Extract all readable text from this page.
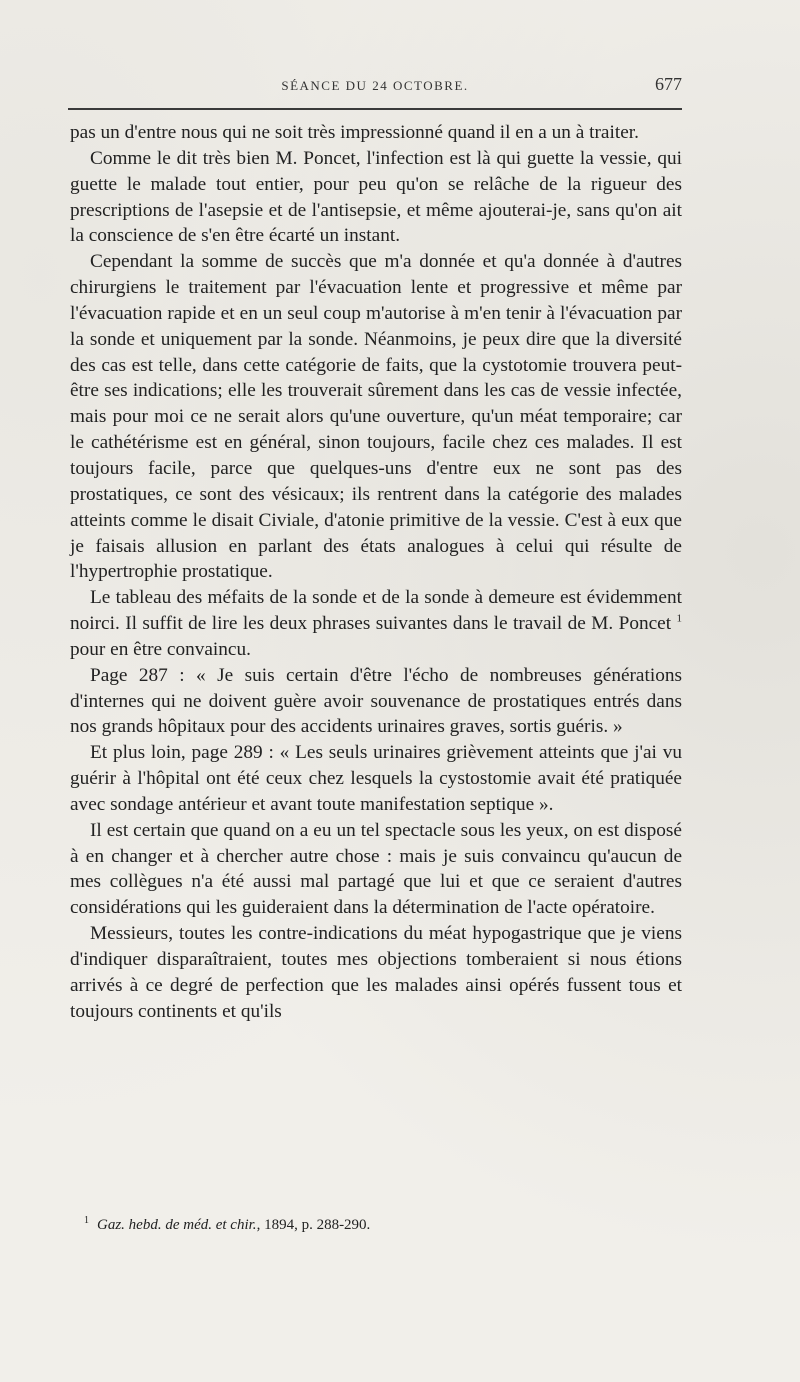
SÉANCE DU 24 OCTOBRE.	677

pas un d'entre nous qui ne soit très impressionné quand il en a un à traiter.

Comme le dit très bien M. Poncet, l'infection est là qui guette la vessie, qui guette le malade tout entier, pour peu qu'on se relâche de la rigueur des prescriptions de l'asepsie et de l'antisepsie, et même ajouterai-je, sans qu'on ait la conscience de s'en être écarté un instant.

Cependant la somme de succès que m'a donnée et qu'a donnée à d'autres chirurgiens le traitement par l'évacuation lente et progressive et même par l'évacuation rapide et en un seul coup m'autorise à m'en tenir à l'évacuation par la sonde et uniquement par la sonde. Néanmoins, je peux dire que la diversité des cas est telle, dans cette catégorie de faits, que la cystotomie trouvera peut-être ses indications; elle les trouverait sûrement dans les cas de vessie infectée, mais pour moi ce ne serait alors qu'une ouverture, qu'un méat temporaire; car le cathétérisme est en général, sinon toujours, facile chez ces malades. Il est toujours facile, parce que quelques-uns d'entre eux ne sont pas des prostatiques, ce sont des vésicaux; ils rentrent dans la catégorie des malades atteints comme le disait Civiale, d'atonie primitive de la vessie. C'est à eux que je faisais allusion en parlant des états analogues à celui qui résulte de l'hypertrophie prostatique.

Le tableau des méfaits de la sonde et de la sonde à demeure est évidemment noirci. Il suffit de lire les deux phrases suivantes dans le travail de M. Poncet $^1$ pour en être convaincu.

Page 287 : « Je suis certain d'être l'écho de nombreuses générations d'internes qui ne doivent guère avoir souvenance de prostatiques entrés dans nos grands hôpitaux pour des accidents urinaires graves, sortis guéris. »

Et plus loin, page 289 : « Les seuls urinaires grièvement atteints que j'ai vu guérir à l'hôpital ont été ceux chez lesquels la cystostomie avait été pratiquée avec sondage antérieur et avant toute manifestation septique ».

Il est certain que quand on a eu un tel spectacle sous les yeux, on est disposé à en changer et à chercher autre chose : mais je suis convaincu qu'aucun de mes collègues n'a été aussi mal partagé que lui et que ce seraient d'autres considérations qui les guideraient dans la détermination de l'acte opératoire.

Messieurs, toutes les contre-indications du méat hypogastrique que je viens d'indiquer disparaîtraient, toutes mes objections tomberaient si nous étions arrivés à ce degré de perfection que les malades ainsi opérés fussent tous et toujours continents et qu'ils

$^1$ Gaz. hebd. de méd. et chir., 1894, p. 288-290.
